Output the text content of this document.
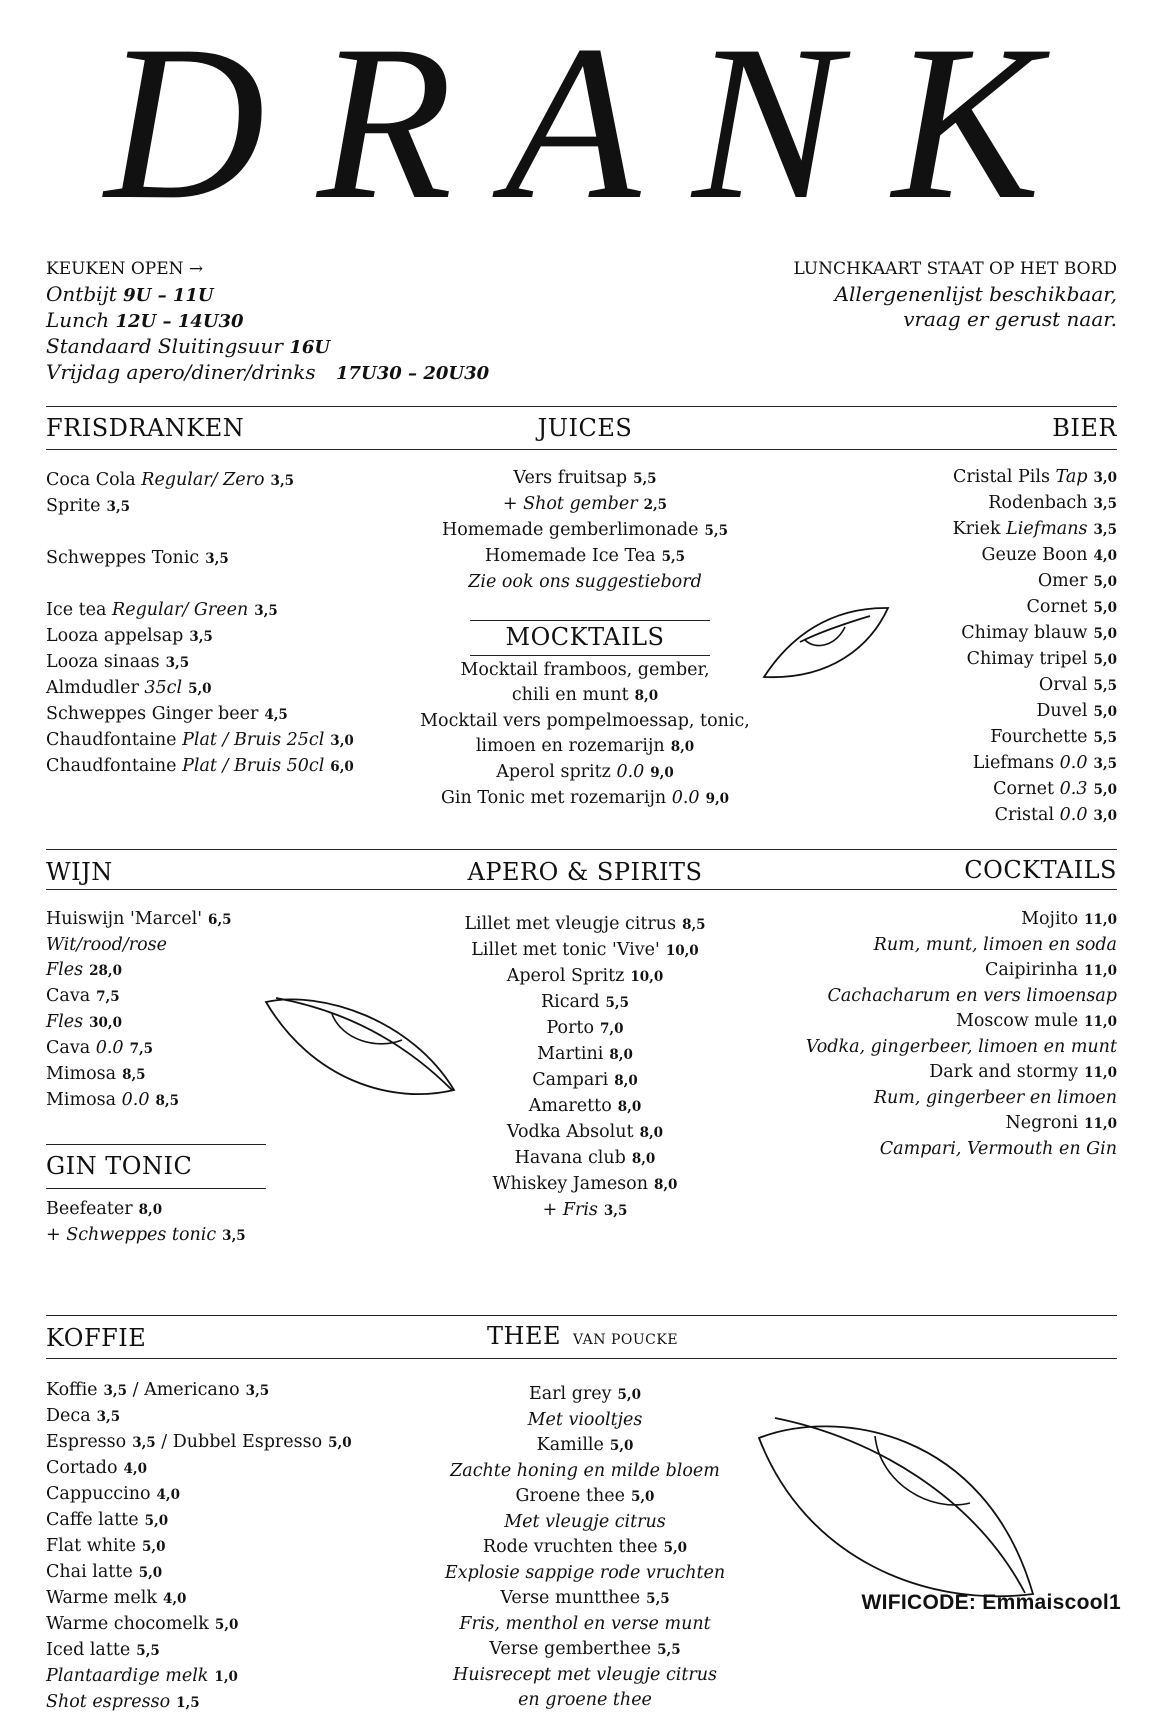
DRANK
KEUKEN OPEN →
Ontbijt 9U – 11U
Lunch 12U – 14U30
Standaard Sluitingsuur 16U
Vrijdag apero/diner/drinks 17U30 – 20U30
LUNCHKAART STAAT OP HET BORD
Allergenenlijst beschikbaar,
vraag er gerust naar.
FRISDRANKEN	JUICES	BIER
Coca Cola Regular/ Zero 3,5
Sprite 3,5
Schweppes Tonic 3,5
Ice tea Regular/ Green 3,5
Looza appelsap 3,5
Looza sinaas 3,5
Almdudler 35cl 5,0
Schweppes Ginger beer 4,5
Chaudfontaine Plat / Bruis 25cl 3,0
Chaudfontaine Plat / Bruis 50cl 6,0
Vers fruitsap 5,5
+ Shot gember 2,5
Homemade gemberlimonade 5,5
Homemade Ice Tea 5,5
Zie ook ons suggestiebord
MOCKTAILS
Mocktail framboos, gember,
chili en munt 8,0
Mocktail vers pompelmoessap, tonic,
limoen en rozemarijn 8,0
Aperol spritz 0.0 9,0
Gin Tonic met rozemarijn 0.0 9,0
Cristal Pils Tap 3,0
Rodenbach 3,5
Kriek Liefmans 3,5
Geuze Boon 4,0
Omer 5,0
Cornet 5,0
Chimay blauw 5,0
Chimay tripel 5,0
Orval 5,5
Duvel 5,0
Fourchette 5,5
Liefmans 0.0 3,5
Cornet 0.3 5,0
Cristal 0.0 3,0
WIJN	APERO & SPIRITS	COCKTAILS
Huiswijn 'Marcel' 6,5
Wit/rood/rose
Fles 28,0
Cava 7,5
Fles 30,0
Cava 0.0 7,5
Mimosa 8,5
Mimosa 0.0 8,5
Lillet met vleugje citrus 8,5
Lillet met tonic 'Vive' 10,0
Aperol Spritz 10,0
Ricard 5,5
Porto 7,0
Martini 8,0
Campari 8,0
Amaretto 8,0
Vodka Absolut 8,0
Havana club 8,0
Whiskey Jameson 8,0
+ Fris 3,5
Mojito 11,0
Rum, munt, limoen en soda
Caipirinha 11,0
Cachacharum en vers limoensap
Moscow mule 11,0
Vodka, gingerbeer, limoen en munt
Dark and stormy 11,0
Rum, gingerbeer en limoen
Negroni 11,0
Campari, Vermouth en Gin
GIN TONIC
Beefeater 8,0
+ Schweppes tonic 3,5
KOFFIE	THEE VAN POUCKE
Koffie 3,5 / Americano 3,5
Deca 3,5
Espresso 3,5 / Dubbel Espresso 5,0
Cortado 4,0
Cappuccino 4,0
Caffe latte 5,0
Flat white 5,0
Chai latte 5,0
Warme melk 4,0
Warme chocomelk 5,0
Iced latte 5,5
Plantaardige melk 1,0
Shot espresso 1,5
Earl grey 5,0
Met viooltjes
Kamille 5,0
Zachte honing en milde bloem
Groene thee 5,0
Met vleugje citrus
Rode vruchten thee 5,0
Explosie sappige rode vruchten
Verse muntthee 5,5
Fris, menthol en verse munt
Verse gemberthee 5,5
Huisrecept met vleugje citrus
en groene thee
WIFICODE: Emmaiscool1
